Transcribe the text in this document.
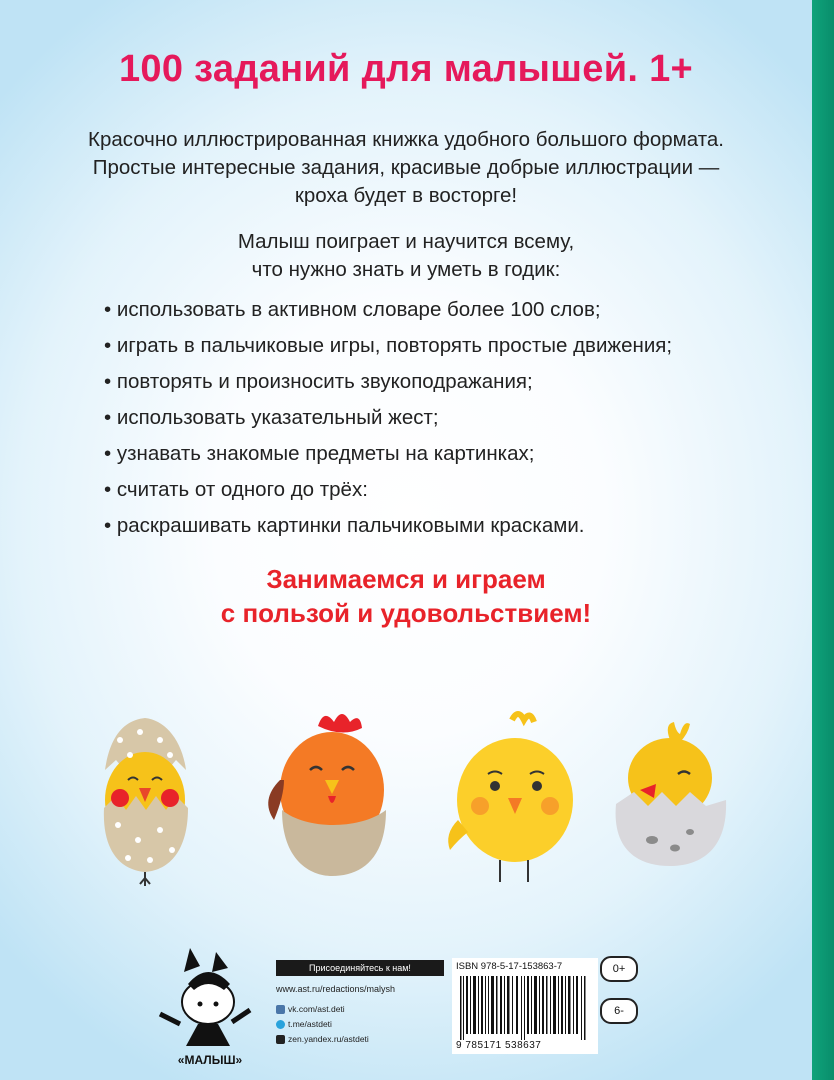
100 заданий для малышей. 1+
Красочно иллюстрированная книжка удобного большого формата.
Простые интересные задания, красивые добрые иллюстрации —
кроха будет в восторге!
Малыш поиграет и научится всему,
что нужно знать и уметь в годик:
• использовать в активном словаре более 100 слов;
• играть в пальчиковые игры, повторять простые движения;
• повторять и произносить звукоподражания;
• использовать указательный жест;
• узнавать знакомые предметы на картинках;
• считать от одного до трёх:
• раскрашивать картинки пальчиковыми красками.
Занимаемся и играем
с пользой и удовольствием!
«МАЛЫШ»
Присоединяйтесь к нам!
www.ast.ru/redactions/malysh
vk.com/ast.deti
t.me/astdeti
zen.yandex.ru/astdeti
ISBN 978-5-17-153863-7
9 785171 538637
0+
6-
